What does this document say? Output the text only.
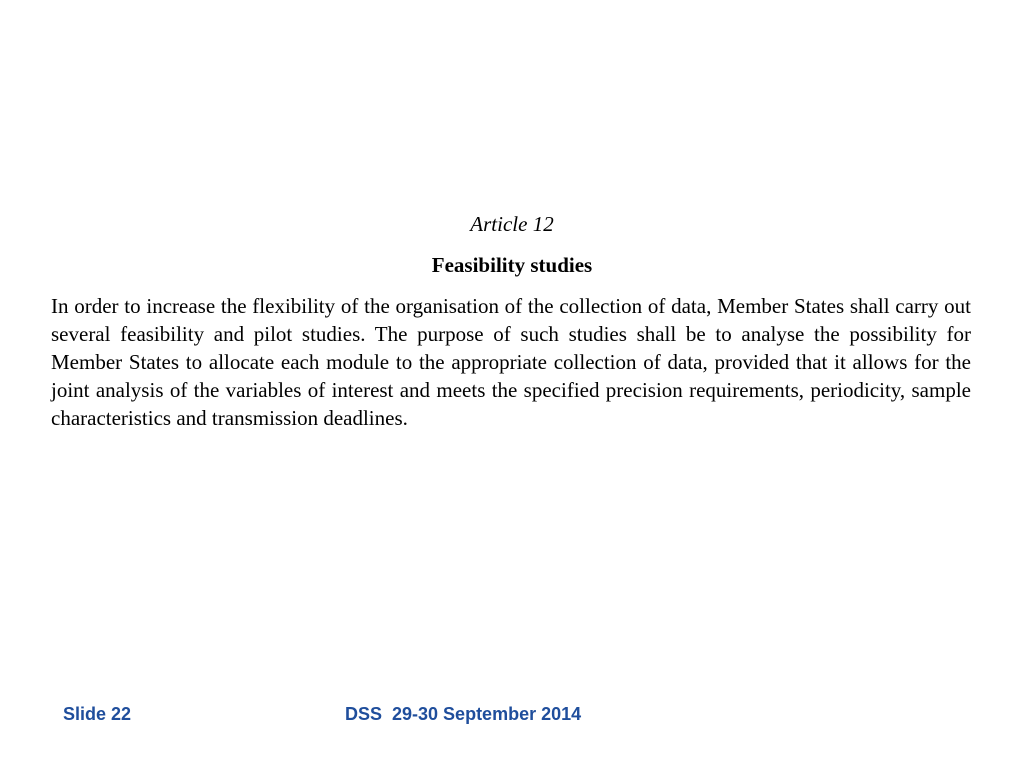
Article 12
Feasibility studies

In order to increase the flexibility of the organisation of the collection of data, Member States shall carry out several feasibility and pilot studies. The purpose of such studies shall be to analyse the possibility for Member States to allocate each module to the appropriate collection of data, provided that it allows for the joint analysis of the variables of interest and meets the specified precision requirements, periodicity, sample characteristics and transmission deadlines.

Slide 22	DSS  29-30 September 2014
